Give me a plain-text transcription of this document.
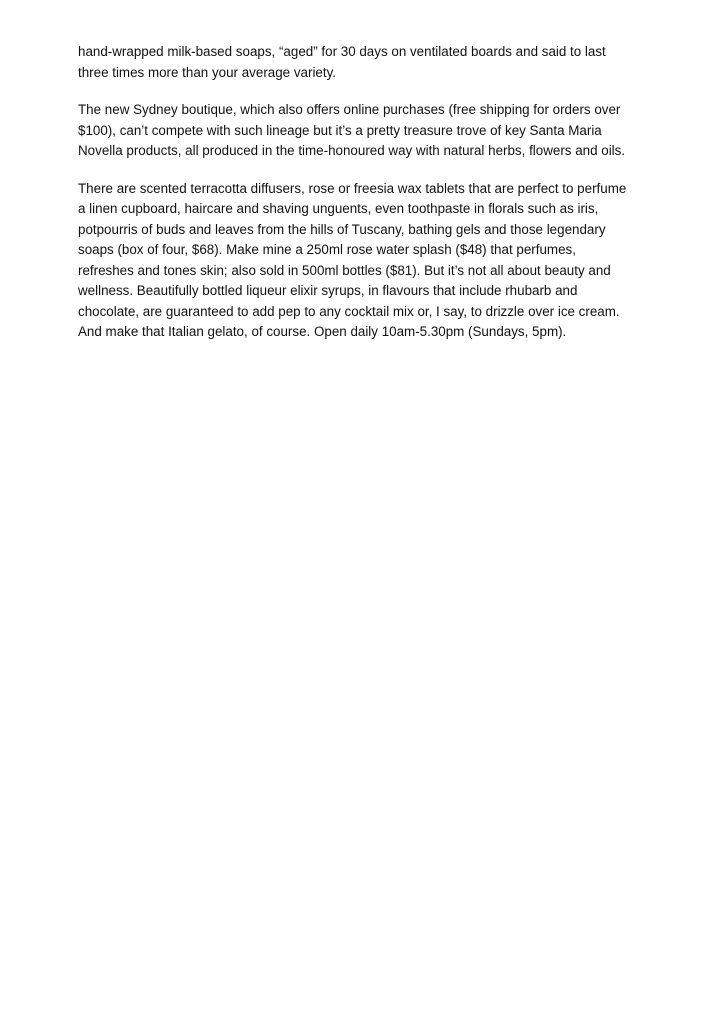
hand-wrapped milk-based soaps, “aged” for 30 days on ventilated boards and said to last three times more than your average variety.

The new Sydney boutique, which also offers online purchases (free shipping for orders over $100), can’t compete with such lineage but it’s a pretty treasure trove of key Santa Maria Novella products, all produced in the time-honoured way with natural herbs, flowers and oils.

There are scented terracotta diffusers, rose or freesia wax tablets that are perfect to perfume a linen cupboard, haircare and shaving unguents, even toothpaste in florals such as iris, potpourris of buds and leaves from the hills of Tuscany, bathing gels and those legendary soaps (box of four, $68). Make mine a 250ml rose water splash ($48) that perfumes, refreshes and tones skin; also sold in 500ml bottles ($81). But it’s not all about beauty and wellness. Beautifully bottled liqueur elixir syrups, in flavours that include rhubarb and chocolate, are guaranteed to add pep to any cocktail mix or, I say, to drizzle over ice cream. And make that Italian gelato, of course. Open daily 10am-5.30pm (Sundays, 5pm).
